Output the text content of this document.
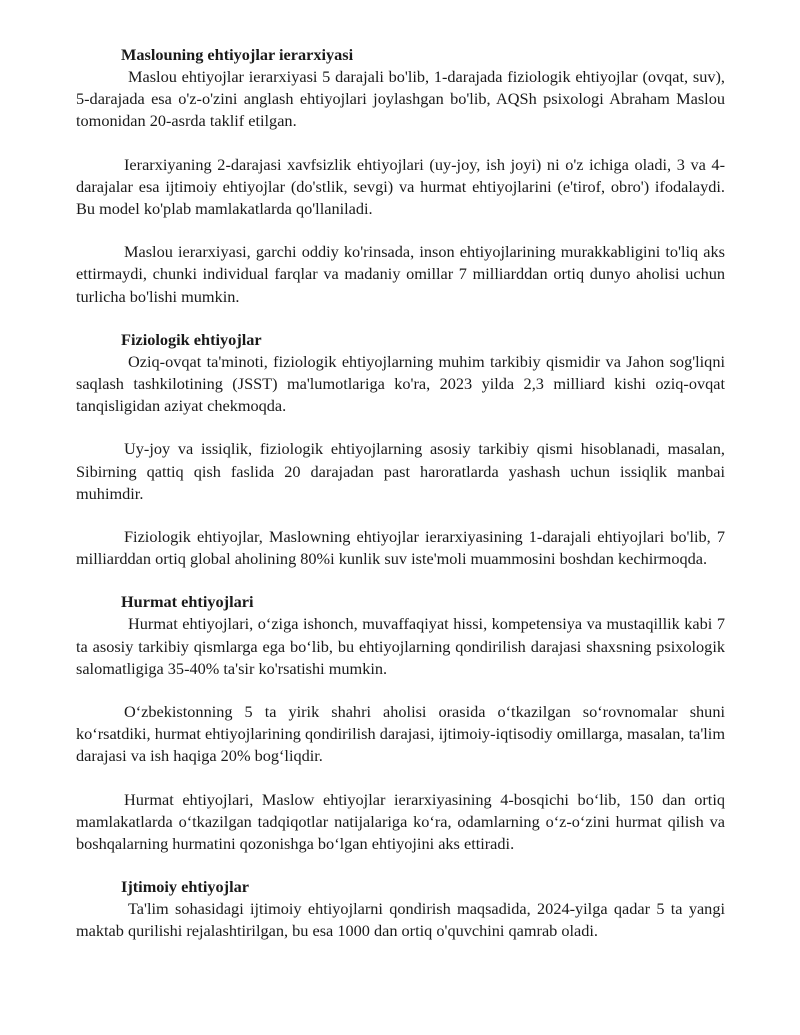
Maslouning ehtiyojlar ierarxiyasi

Maslou ehtiyojlar ierarxiyasi 5 darajali bo'lib, 1-darajada fiziologik ehtiyojlar (ovqat, suv), 5-darajada esa o'z-o'zini anglash ehtiyojlari joylashgan bo'lib, AQSh psixologi Abraham Maslou tomonidan 20-asrda taklif etilgan.

Ierarxiyaning 2-darajasi xavfsizlik ehtiyojlari (uy-joy, ish joyi) ni o'z ichiga oladi, 3 va 4-darajalar esa ijtimoiy ehtiyojlar (do'stlik, sevgi) va hurmat ehtiyojlarini (e'tirof, obro') ifodalaydi. Bu model ko'plab mamlakatlarda qo'llaniladi.

Maslou ierarxiyasi, garchi oddiy ko'rinsada, inson ehtiyojlarining murakkabligini to'liq aks ettirmaydi, chunki individual farqlar va madaniy omillar 7 milliarddan ortiq dunyo aholisi uchun turlicha bo'lishi mumkin.

Fiziologik ehtiyojlar

Oziq-ovqat ta'minoti, fiziologik ehtiyojlarning muhim tarkibiy qismidir va Jahon sog'liqni saqlash tashkilotining (JSST) ma'lumotlariga ko'ra, 2023 yilda 2,3 milliard kishi oziq-ovqat tanqisligidan aziyat chekmoqda.

Uy-joy va issiqlik, fiziologik ehtiyojlarning asosiy tarkibiy qismi hisoblanadi, masalan, Sibirning qattiq qish faslida 20 darajadan past haroratlarda yashash uchun issiqlik manbai muhimdir.

Fiziologik ehtiyojlar, Maslowning ehtiyojlar ierarxiyasining 1-darajali ehtiyojlari bo'lib, 7 milliarddan ortiq global aholining 80%i kunlik suv iste'moli muammosini boshdan kechirmoqda.

Hurmat ehtiyojlari

Hurmat ehtiyojlari, o‘ziga ishonch, muvaffaqiyat hissi, kompetensiya va mustaqillik kabi 7 ta asosiy tarkibiy qismlarga ega bo‘lib, bu ehtiyojlarning qondirilish darajasi shaxsning psixologik salomatligiga 35-40% ta'sir ko'rsatishi mumkin.

O‘zbekistonning 5 ta yirik shahri aholisi orasida o‘tkazilgan so‘rovnomalar shuni ko‘rsatdiki, hurmat ehtiyojlarining qondirilish darajasi, ijtimoiy-iqtisodiy omillarga, masalan, ta'lim darajasi va ish haqiga 20% bog‘liqdir.

Hurmat ehtiyojlari, Maslow ehtiyojlar ierarxiyasining 4-bosqichi bo‘lib, 150 dan ortiq mamlakatlarda o‘tkazilgan tadqiqotlar natijalariga ko‘ra, odamlarning o‘z-o‘zini hurmat qilish va boshqalarning hurmatini qozonishga bo‘lgan ehtiyojini aks ettiradi.

Ijtimoiy ehtiyojlar

Ta'lim sohasidagi ijtimoiy ehtiyojlarni qondirish maqsadida, 2024-yilga qadar 5 ta yangi maktab qurilishi rejalashtirilgan, bu esa 1000 dan ortiq o'quvchini qamrab oladi.
